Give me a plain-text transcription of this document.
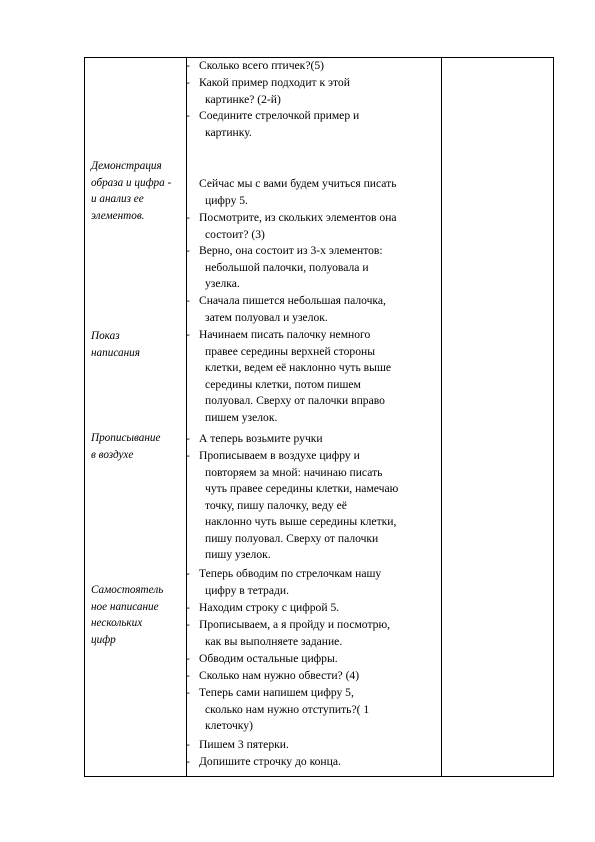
Демонстрация
образа и цифра -
и анализ ее
элементов.
Показ
написания
Прописывание
в воздухе
Самостоятель
ное написание
нескольких
цифр
- Сколько всего птичек?(5)
- Какой пример подходит к этой
картинке? (2-й)
- Соедините стрелочкой пример и
картинку.
Сейчас мы с вами будем учиться писать
цифру 5.
- Посмотрите, из скольких элементов она
состоит? (3)
- Верно, она состоит из 3-х элементов:
небольшой палочки, полуовала и
узелка.
- Сначала пишется небольшая палочка,
затем полуовал и узелок.
- Начинаем писать палочку немного
правее середины верхней стороны
клетки, ведем её наклонно чуть выше
середины клетки, потом пишем
полуовал. Сверху от палочки вправо
пишем узелок.
- А теперь возьмите ручки
- Прописываем в воздухе цифру и
повторяем за мной: начинаю писать
чуть правее середины клетки, намечаю
точку, пишу палочку, веду её
наклонно чуть выше середины клетки,
пишу полуовал. Сверху от палочки
пишу узелок.
- Теперь обводим по стрелочкам нашу
цифру в тетради.
- Находим строку с цифрой 5.
- Прописываем, а я пройду и посмотрю,
как вы выполняете задание.
- Обводим остальные цифры.
- Сколько нам нужно обвести? (4)
- Теперь сами напишем цифру 5,
сколько нам нужно отступить?( 1
клеточку)
- Пишем 3 пятерки.
- Допишите строчку до конца.
